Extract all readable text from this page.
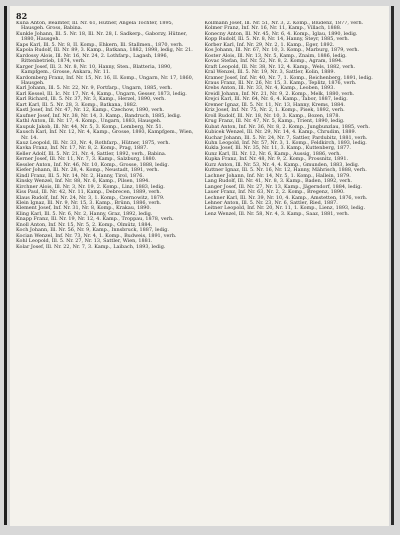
82

Kuna Anton, Beamter, Ill. Nr. 61, Hütner, Angela Tochter, 1895, Hausgeh. Gross, Babina.

Kunkle Johann, Ill. 5. Nr. 18, Ill. Nr. 28, I. Sadkerp., Gaborzy, Hütner, 1880, Hausgeh.

Kaps Karl, Ill. 5. Nr. 8, II. Komp., Ehkern, Ill. Stallmen., 1870, verh.

Kapola Rudolf, Ill. Nr. 89, 3. Kamp., Batkana, 1882, 1898, ledig, Nr. 21.

Kardossy Alois, Ill. Nr. 16, Nr. 24, 2. Lothfarp., Lagash, 1896, Rittenbetrieb, 1874, verh.

Karger Josef, Ill. 3. Nr. 8, Nr. 10, Hanny, Sten., Blatteria, 1890, Kampfgem., Grosse, Ankara, Nr. 11.

Kardomberg Franz, Inf. Nr. 15, Nr. 16, II. Komp., Ungarn, Nr. 17, 1860, Hausgeh.

Karl Johann, Ill. 5. Nr. 22, Nr. 9, Fortfarp., Ungarn, 1885, verh.

Karl Kessel, Ill. Ic. Nr. 17, Nr. 4, Kamp., Ungarn, Gesser, 1873, ledig.

Karl Richard, Ill. 5. Nr. 37, Nr. 3, Kamp., Herzel, 1890, verh.

Kart Karl, Ill. 5. Nr. 28, 3. Komp., Batkana, 1882.

Kastl Josef, Inf. Nr. 47, Nr. 12, Kamp., Czechow, 1890, verh.

Kaufner Josef, Inf. Nr. 38, Nr. 14, 3. Kamp., Bandruch, 1885, ledig.

Kathl Anton, Ill. Nr. 17, 4. Komp., Ungarn, 1883, Hausgeh.

Kaupuk Jakob, Ill. Nr. 44, Nr. 5, 3. Komp., Lemberg, Nr. 51.

Kausch Karl, Inf. Nr. 12, Nr. 4, Kamp., Grosse, 1893, Kampfgem., Wien, Nr. 14.

Kauz Leopold, Ill. Nr. 33, Nr. 4, Rothfarp., Hütner, 1875, verh.

Kavka Franz, Inf. Nr. 17, Nr. 8, 2. Komp., Prag, 1887.

Keller Adolf, Ill. 5. Nr. 21, Nr. 4, Sattler, 1892, verh., Babina.

Kerner Josef, Ill. Nr. 11, Nr. 7, 3. Kamp., Salzburg, 1880.

Kessler Anton, Inf. Nr. 46, Nr. 10, Komp., Grosse, 1888, ledig.

Kiefer Johann, Ill. Nr. 28, 4. Komp., Neustadt, 1891, verh.

Kindl Franz, Ill. 5. Nr. 14, Nr. 2, Hanny, Tirol, 1876.

Kinsky Wenzel, Inf. Nr. 88, Nr. 6, Kamp., Pilsen, 1894.

Kirchner Alois, Ill. Nr. 3, Nr. 19, 2. Komp., Linz, 1883, ledig.

Kiss Paul, Ill. Nr. 42, Nr. 11, Kamp., Debrecen, 1889, verh.

Klaus Rudolf, Inf. Nr. 24, Nr. 3, 1. Komp., Czernowitz, 1879.

Klein Ignaz, Ill. Nr. 9, Nr. 15, 3. Kamp., Brünn, 1886, verh.

Klement Josef, Inf. Nr. 31, Nr. 8, Komp., Krakau, 1890.

Kling Karl, Ill. 5. Nr. 6, Nr. 2, Hanny, Graz, 1892, ledig.

Knapp Franz, Ill. Nr. 19, Nr. 12, 4. Kamp., Troppau, 1878, verh.

Knoll Anton, Inf. Nr. 15, Nr. 5, 2. Komp., Olmütz, 1884.

Koch Johann, Ill. Nr. 56, Nr. 9, Kamp., Innsbruck, 1887, ledig.

Kocian Wenzel, Inf. Nr. 73, Nr. 4, 1. Komp., Budweis, 1891, verh.

Kohl Leopold, Ill. 5. Nr. 27, Nr. 13, Sattler, Wien, 1881.

Kolar Josef, Ill. Nr. 22, Nr. 7, 3. Kamp., Laibach, 1893, ledig.

Kollmann Josef, Ill. Nr. 51, Nr. 3, 2. Komp., Bludenz, 1877, verh.

Kolmer Franz, Inf. Nr. 16, Nr. 11, Kamp., Villach, 1888.

Konecny Anton, Ill. Nr. 45, Nr. 6, 4. Komp., Iglau, 1890, ledig.

Kopp Rudolf, Ill. 5. Nr. 8, Nr. 14, Hanny, Steyr, 1885, verh.

Korber Karl, Inf. Nr. 29, Nr. 2, 1. Kamp., Eger, 1892.

Kos Johann, Ill. Nr. 67, Nr. 10, 3. Komp., Marburg, 1879, verh.

Koster Alois, Ill. Nr. 13, Nr. 5, Kamp., Znaim, 1886, ledig.

Kovac Stefan, Inf. Nr. 52, Nr. 8, 2. Komp., Agram, 1894.

Kraft Leopold, Ill. Nr. 38, Nr. 12, 4. Kamp., Wels, 1882, verh.

Kral Wenzel, Ill. 5. Nr. 19, Nr. 3, Sattler, Kolin, 1889.

Kramer Josef, Inf. Nr. 40, Nr. 7, 1. Komp., Reichenberg, 1891, ledig.

Kraus Franz, Ill. Nr. 26, Nr. 15, 3. Kamp., Teplitz, 1876, verh.

Krebs Anton, Ill. Nr. 33, Nr. 4, Kamp., Leoben, 1893.

Kreidl Johann, Inf. Nr. 21, Nr. 9, 2. Komp., Melk, 1880, verh.

Krejci Karl, Ill. Nr. 64, Nr. 6, 4. Kamp., Tabor, 1887, ledig.

Kremer Ignaz, Ill. 5. Nr. 11, Nr. 13, Hanny, Krems, 1884.

Kriz Josef, Inf. Nr. 75, Nr. 2, 1. Komp., Pisek, 1892, verh.

Kroll Rudolf, Ill. Nr. 18, Nr. 10, 3. Kamp., Bozen, 1878.

Krug Franz, Ill. Nr. 47, Nr. 5, Kamp., Trient, 1890, ledig.

Kubat Anton, Inf. Nr. 36, Nr. 8, 2. Komp., Jungbunzlau, 1885, verh.

Kubicek Wenzel, Ill. Nr. 29, Nr. 14, 4. Kamp., Chrudim, 1889.

Kuchar Johann, Ill. 5. Nr. 24, Nr. 7, Sattler, Pardubitz, 1881, verh.

Kuhn Leopold, Inf. Nr. 57, Nr. 3, 1. Komp., Feldkirch, 1893, ledig.

Kukla Josef, Ill. Nr. 35, Nr. 11, 3. Kamp., Kuttenberg, 1877.

Kunz Karl, Ill. Nr. 12, Nr. 6, Kamp., Aussig, 1886, verh.

Kupka Franz, Inf. Nr. 48, Nr. 9, 2. Komp., Prossnitz, 1891.

Kurz Anton, Ill. Nr. 53, Nr. 4, 4. Kamp., Gmunden, 1883, ledig.

Kuttner Ignaz, Ill. 5. Nr. 16, Nr. 12, Hanny, Mährisch, 1888, verh.

Lachner Johann, Inf. Nr. 14, Nr. 5, 1. Komp., Hallein, 1879.

Lang Rudolf, Ill. Nr. 41, Nr. 8, 3. Kamp., Baden, 1892, verh.

Langer Josef, Ill. Nr. 27, Nr. 13, Kamp., Jägerndorf, 1884, ledig.

Lauer Franz, Inf. Nr. 63, Nr. 2, 2. Komp., Bregenz, 1890.

Lechner Karl, Ill. Nr. 39, Nr. 10, 4. Kamp., Amstetten, 1876, verh.

Lehner Anton, Ill. 5. Nr. 23, Nr. 6, Sattler, Ried, 1887.

Leitner Leopold, Inf. Nr. 20, Nr. 11, 1. Komp., Lienz, 1893, ledig.

Lenz Wenzel, Ill. Nr. 58, Nr. 4, 3. Kamp., Saaz, 1881, verh.
